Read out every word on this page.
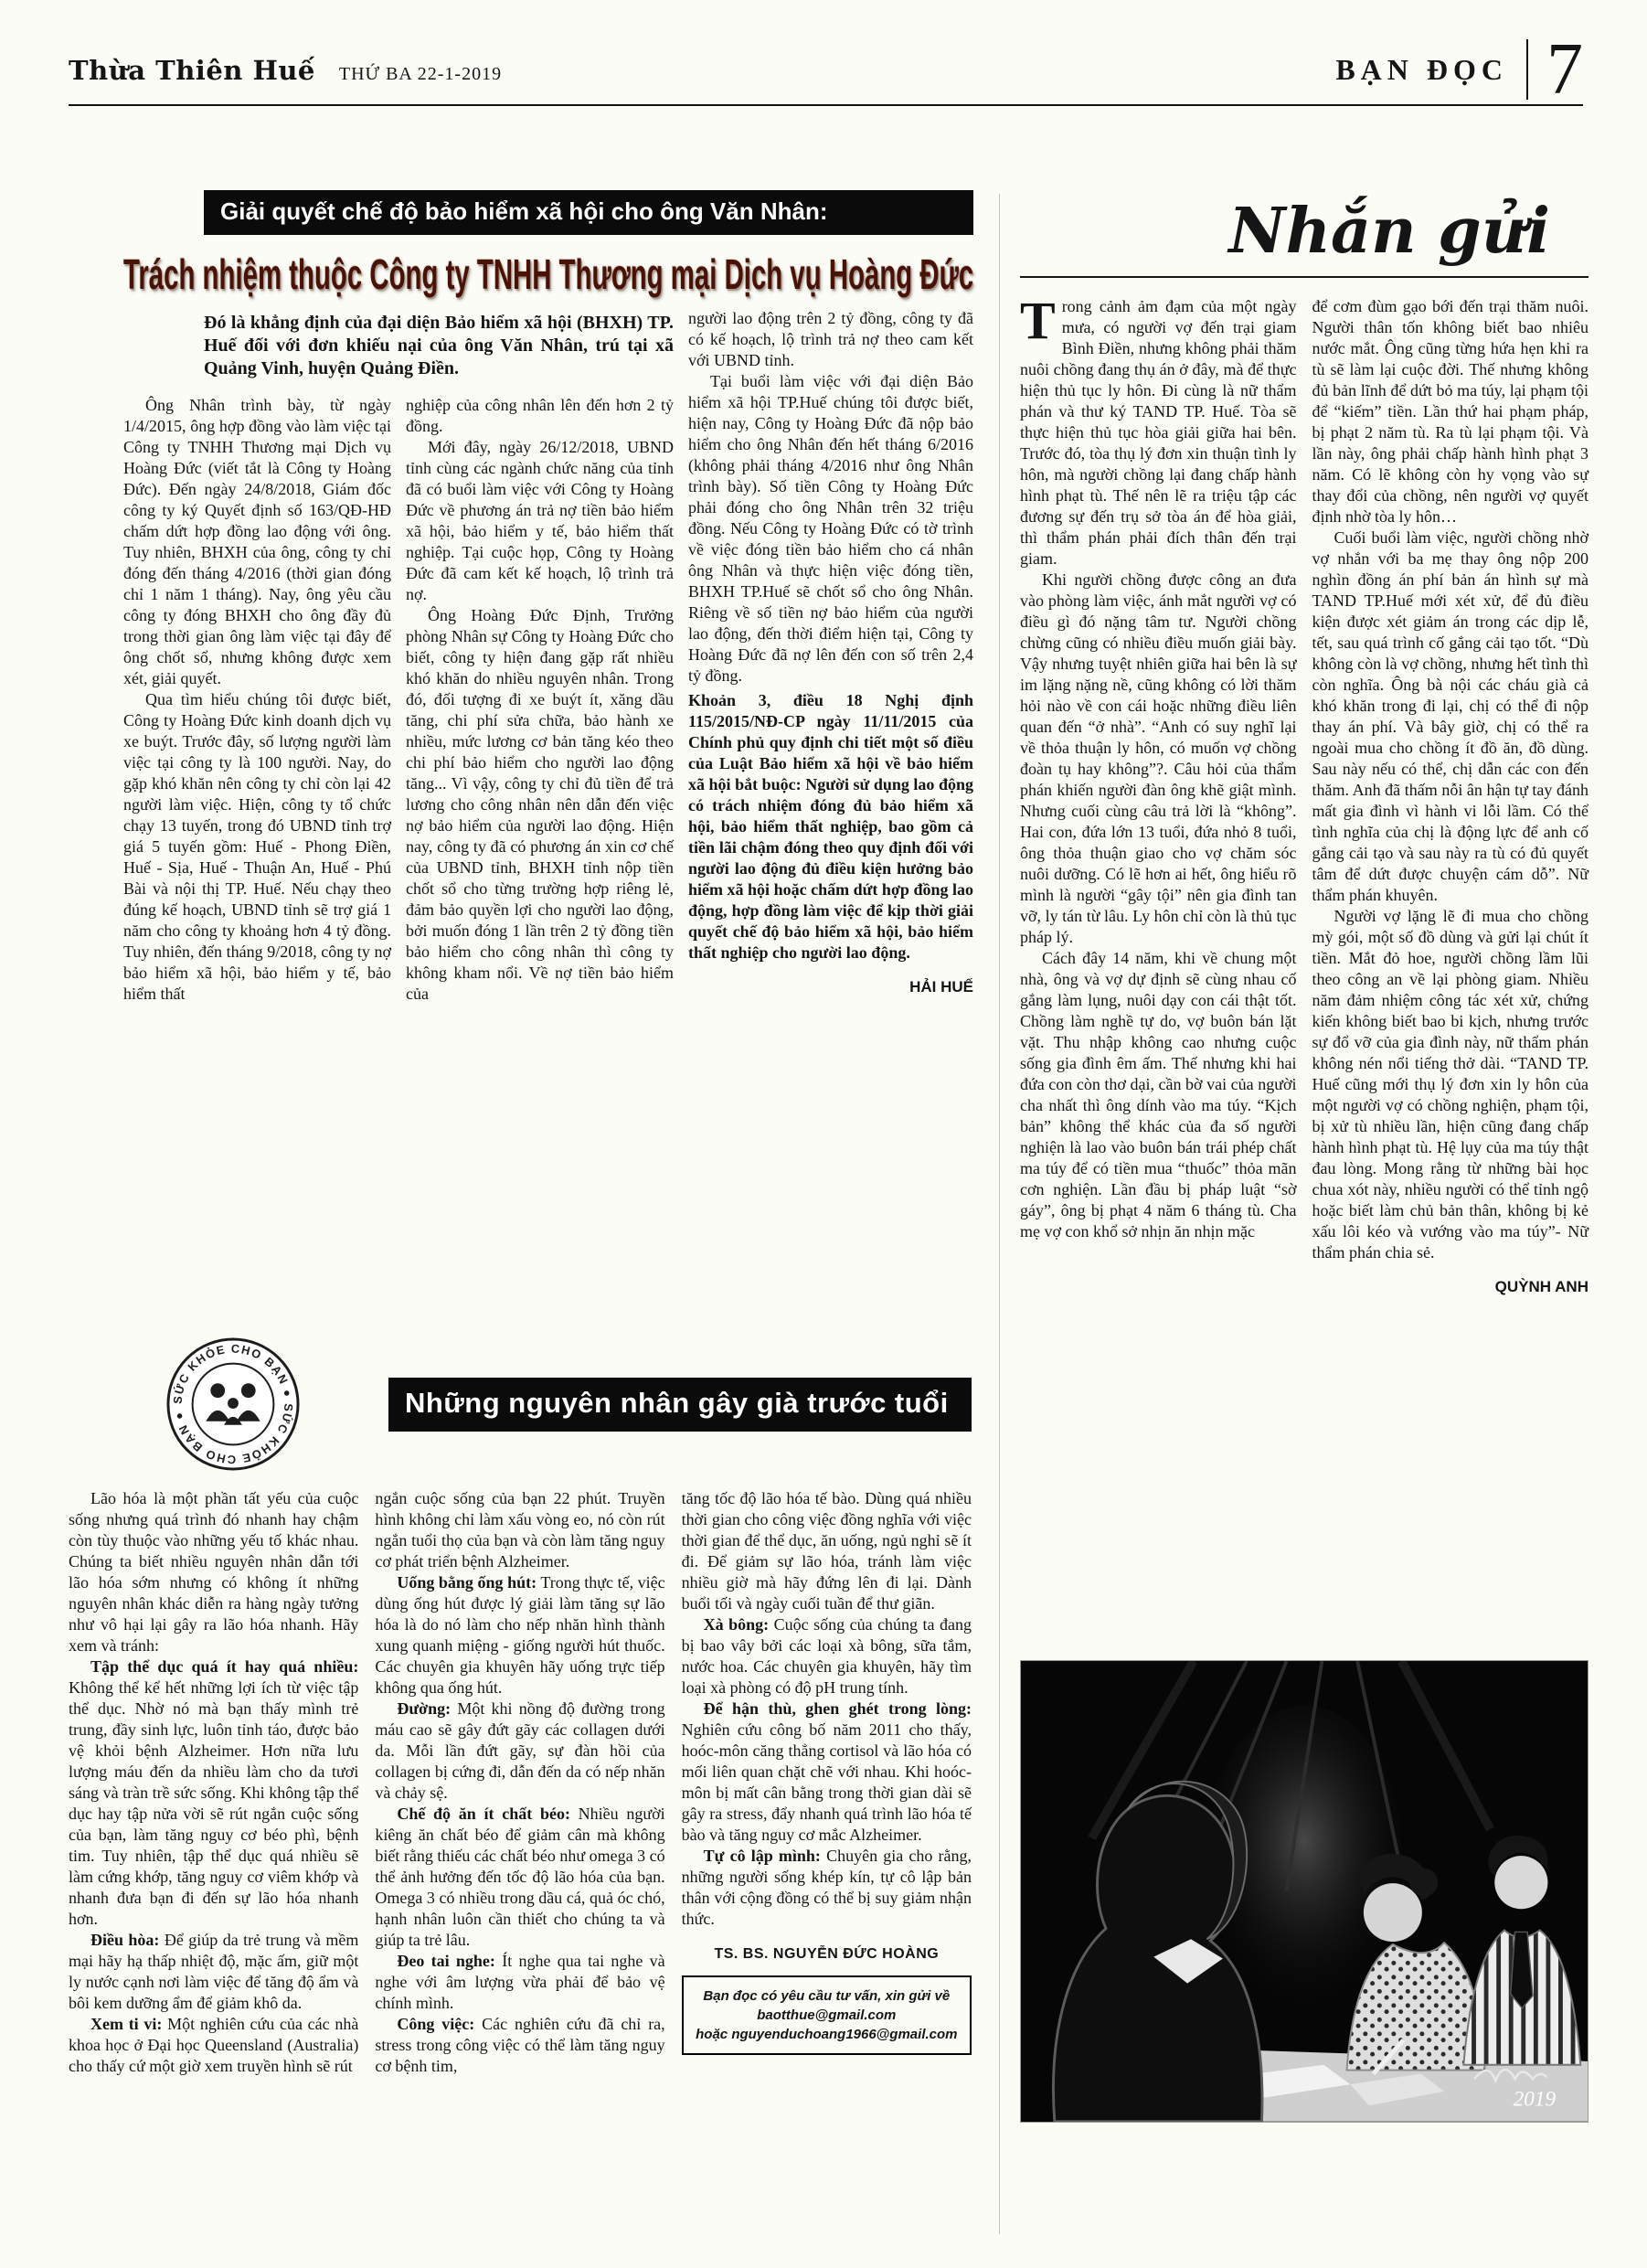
Thừa Thiên Huế THỨ BA 22-1-2019	BẠN ĐỌC 7
Giải quyết chế độ bảo hiểm xã hội cho ông Văn Nhân:
Trách nhiệm thuộc Công ty TNHH Thương mại Dịch vụ Hoàng Đức

Đó là khẳng định của đại diện Bảo hiểm xã hội (BHXH) TP. Huế đối với đơn khiếu nại của ông Văn Nhân, trú tại xã Quảng Vinh, huyện Quảng Điền.

Ông Nhân trình bày, từ ngày 1/4/2015, ông hợp đồng vào làm việc tại Công ty TNHH Thương mại Dịch vụ Hoàng Đức (viết tắt là Công ty Hoàng Đức). Đến ngày 24/8/2018, Giám đốc công ty ký Quyết định số 163/QĐ-HĐ chấm dứt hợp đồng lao động với ông. Tuy nhiên, BHXH của ông, công ty chỉ đóng đến tháng 4/2016 (thời gian đóng chỉ 1 năm 1 tháng). Nay, ông yêu cầu công ty đóng BHXH cho ông đầy đủ trong thời gian ông làm việc tại đây để ông chốt sổ, nhưng không được xem xét, giải quyết.

Qua tìm hiểu chúng tôi được biết, Công ty Hoàng Đức kinh doanh dịch vụ xe buýt. Trước đây, số lượng người làm việc tại công ty là 100 người. Nay, do gặp khó khăn nên công ty chỉ còn lại 42 người làm việc. Hiện, công ty tổ chức chạy 13 tuyến, trong đó UBND tỉnh trợ giá 5 tuyến gồm: Huế - Phong Điền, Huế - Sịa, Huế - Thuận An, Huế - Phú Bài và nội thị TP. Huế. Nếu chạy theo đúng kế hoạch, UBND tỉnh sẽ trợ giá 1 năm cho công ty khoảng hơn 4 tỷ đồng. Tuy nhiên, đến tháng 9/2018, công ty nợ bảo hiểm xã hội, bảo hiểm y tế, bảo hiểm thất

nghiệp của công nhân lên đến hơn 2 tỷ đồng.

Mới đây, ngày 26/12/2018, UBND tỉnh cùng các ngành chức năng của tỉnh đã có buổi làm việc với Công ty Hoàng Đức về phương án trả nợ tiền bảo hiểm xã hội, bảo hiểm y tế, bảo hiểm thất nghiệp. Tại cuộc họp, Công ty Hoàng Đức đã cam kết kế hoạch, lộ trình trả nợ.

Ông Hoàng Đức Định, Trưởng phòng Nhân sự Công ty Hoàng Đức cho biết, công ty hiện đang gặp rất nhiều khó khăn do nhiều nguyên nhân. Trong đó, đối tượng đi xe buýt ít, xăng dầu tăng, chi phí sửa chữa, bảo hành xe nhiều, mức lương cơ bản tăng kéo theo chi phí bảo hiểm cho người lao động tăng... Vì vậy, công ty chỉ đủ tiền để trả lương cho công nhân nên dẫn đến việc nợ bảo hiểm của người lao động. Hiện nay, công ty đã có phương án xin cơ chế của UBND tỉnh, BHXH tỉnh nộp tiền chốt sổ cho từng trường hợp riêng lẻ, đảm bảo quyền lợi cho người lao động, bởi muốn đóng 1 lần trên 2 tỷ đồng tiền bảo hiểm cho công nhân thì công ty không kham nổi. Về nợ tiền bảo hiểm của

người lao động trên 2 tỷ đồng, công ty đã có kế hoạch, lộ trình trả nợ theo cam kết với UBND tỉnh.

Tại buổi làm việc với đại diện Bảo hiểm xã hội TP.Huế chúng tôi được biết, hiện nay, Công ty Hoàng Đức đã nộp bảo hiểm cho ông Nhân đến hết tháng 6/2016 (không phải tháng 4/2016 như ông Nhân trình bày). Số tiền Công ty Hoàng Đức phải đóng cho ông Nhân trên 32 triệu đồng. Nếu Công ty Hoàng Đức có tờ trình về việc đóng tiền bảo hiểm cho cá nhân ông Nhân và thực hiện việc đóng tiền, BHXH TP.Huế sẽ chốt sổ cho ông Nhân. Riêng về số tiền nợ bảo hiểm của người lao động, đến thời điểm hiện tại, Công ty Hoàng Đức đã nợ lên đến con số trên 2,4 tỷ đồng.

Khoản 3, điều 18 Nghị định 115/2015/NĐ-CP ngày 11/11/2015 của Chính phủ quy định chi tiết một số điều của Luật Bảo hiểm xã hội về bảo hiểm xã hội bắt buộc: Người sử dụng lao động có trách nhiệm đóng đủ bảo hiểm xã hội, bảo hiểm thất nghiệp, bao gồm cả tiền lãi chậm đóng theo quy định đối với người lao động đủ điều kiện hưởng bảo hiểm xã hội hoặc chấm dứt hợp đồng lao động, hợp đồng làm việc để kịp thời giải quyết chế độ bảo hiểm xã hội, bảo hiểm thất nghiệp cho người lao động.

HẢI HUẾ

Nhắn gửi

Trong cảnh ảm đạm của một ngày mưa, có người vợ đến trại giam Bình Điền, nhưng không phải thăm nuôi chồng đang thụ án ở đây, mà để thực hiện thủ tục ly hôn. Đi cùng là nữ thẩm phán và thư ký TAND TP. Huế. Tòa sẽ thực hiện thủ tục hòa giải giữa hai bên. Trước đó, tòa thụ lý đơn xin thuận tình ly hôn, mà người chồng lại đang chấp hành hình phạt tù. Thế nên lẽ ra triệu tập các đương sự đến trụ sở tòa án để hòa giải, thì thẩm phán phải đích thân đến trại giam.

Khi người chồng được công an đưa vào phòng làm việc, ánh mắt người vợ có điều gì đó nặng tâm tư. Người chồng chừng cũng có nhiều điều muốn giải bày. Vậy nhưng tuyệt nhiên giữa hai bên là sự im lặng nặng nề, cũng không có lời thăm hỏi nào về con cái hoặc những điều liên quan đến “ở nhà”. “Anh có suy nghĩ lại về thỏa thuận ly hôn, có muốn vợ chồng đoàn tụ hay không”?. Câu hỏi của thẩm phán khiến người đàn ông khẽ giật mình. Nhưng cuối cùng câu trả lời là “không”. Hai con, đứa lớn 13 tuổi, đứa nhỏ 8 tuổi, ông thỏa thuận giao cho vợ chăm sóc nuôi dưỡng. Có lẽ hơn ai hết, ông hiểu rõ mình là người “gây tội” nên gia đình tan vỡ, ly tán từ lâu. Ly hôn chỉ còn là thủ tục pháp lý.

Cách đây 14 năm, khi về chung một nhà, ông và vợ dự định sẽ cùng nhau cố gắng làm lụng, nuôi dạy con cái thật tốt. Chồng làm nghề tự do, vợ buôn bán lặt vặt. Thu nhập không cao nhưng cuộc sống gia đình êm ấm. Thế nhưng khi hai đứa con còn thơ dại, cần bờ vai của người cha nhất thì ông dính vào ma túy. “Kịch bản” không thể khác của đa số người nghiện là lao vào buôn bán trái phép chất ma túy để có tiền mua “thuốc” thỏa mãn cơn nghiện. Lần đầu bị pháp luật “sờ gáy”, ông bị phạt 4 năm 6 tháng tù. Cha mẹ vợ con khổ sở nhịn ăn nhịn mặc

để cơm đùm gạo bới đến trại thăm nuôi. Người thân tốn không biết bao nhiêu nước mắt. Ông cũng từng hứa hẹn khi ra tù sẽ làm lại cuộc đời. Thế nhưng không đủ bản lĩnh để dứt bỏ ma túy, lại phạm tội để “kiếm” tiền. Lần thứ hai phạm pháp, bị phạt 2 năm tù. Ra tù lại phạm tội. Và lần này, ông phải chấp hành hình phạt 3 năm. Có lẽ không còn hy vọng vào sự thay đổi của chồng, nên người vợ quyết định nhờ tòa ly hôn…

Cuối buổi làm việc, người chồng nhờ vợ nhắn với ba mẹ thay ông nộp 200 nghìn đồng án phí bản án hình sự mà TAND TP.Huế mới xét xử, để đủ điều kiện được xét giảm án trong các dịp lễ, tết, sau quá trình cố gắng cải tạo tốt. “Dù không còn là vợ chồng, nhưng hết tình thì còn nghĩa. Ông bà nội các cháu già cả khó khăn trong đi lại, chị có thể đi nộp thay án phí. Và bây giờ, chị có thể ra ngoài mua cho chồng ít đồ ăn, đồ dùng. Sau này nếu có thể, chị dẫn các con đến thăm. Anh đã thấm nỗi ân hận tự tay đánh mất gia đình vì hành vi lỗi lầm. Có thể tình nghĩa của chị là động lực để anh cố gắng cải tạo và sau này ra tù có đủ quyết tâm để dứt được chuyện cám dỗ”. Nữ thẩm phán khuyên.

Người vợ lặng lẽ đi mua cho chồng mỳ gói, một số đồ dùng và gửi lại chút ít tiền. Mắt đỏ hoe, người chồng lầm lũi theo công an về lại phòng giam. Nhiều năm đảm nhiệm công tác xét xử, chứng kiến không biết bao bi kịch, nhưng trước sự đổ vỡ của gia đình này, nữ thẩm phán không nén nổi tiếng thở dài. “TAND TP. Huế cũng mới thụ lý đơn xin ly hôn của một người vợ có chồng nghiện, phạm tội, bị xử tù nhiều lần, hiện cũng đang chấp hành hình phạt tù. Hệ lụy của ma túy thật đau lòng. Mong rằng từ những bài học chua xót này, nhiều người có thể tỉnh ngộ hoặc biết làm chủ bản thân, không bị kẻ xấu lôi kéo và vướng vào ma túy”- Nữ thẩm phán chia sẻ.

QUỲNH ANH

2019
SỨC KHỎE CHO BẠN ● SỨC KHỎE CHO BẠN ●	Những nguyên nhân gây già trước tuổi

Lão hóa là một phần tất yếu của cuộc sống nhưng quá trình đó nhanh hay chậm còn tùy thuộc vào những yếu tố khác nhau. Chúng ta biết nhiều nguyên nhân dẫn tới lão hóa sớm nhưng có không ít những nguyên nhân khác diễn ra hàng ngày tưởng như vô hại lại gây ra lão hóa nhanh. Hãy xem và tránh:

Tập thể dục quá ít hay quá nhiều: Không thể kể hết những lợi ích từ việc tập thể dục. Nhờ nó mà bạn thấy mình trẻ trung, đầy sinh lực, luôn tỉnh táo, được bảo vệ khỏi bệnh Alzheimer. Hơn nữa lưu lượng máu đến da nhiều làm cho da tươi sáng và tràn trề sức sống. Khi không tập thể dục hay tập nửa vời sẽ rút ngắn cuộc sống của bạn, làm tăng nguy cơ béo phì, bệnh tim. Tuy nhiên, tập thể dục quá nhiều sẽ làm cứng khớp, tăng nguy cơ viêm khớp và nhanh đưa bạn đi đến sự lão hóa nhanh hơn.

Điều hòa: Để giúp da trẻ trung và mềm mại hãy hạ thấp nhiệt độ, mặc ấm, giữ một ly nước cạnh nơi làm việc để tăng độ ẩm và bôi kem dưỡng ẩm để giảm khô da.

Xem ti vi: Một nghiên cứu của các nhà khoa học ở Đại học Queensland (Australia) cho thấy cứ một giờ xem truyền hình sẽ rút

ngắn cuộc sống của bạn 22 phút. Truyền hình không chỉ làm xấu vòng eo, nó còn rút ngắn tuổi thọ của bạn và còn làm tăng nguy cơ phát triển bệnh Alzheimer.

Uống bằng ống hút: Trong thực tế, việc dùng ống hút được lý giải làm tăng sự lão hóa là do nó làm cho nếp nhăn hình thành xung quanh miệng - giống người hút thuốc. Các chuyên gia khuyên hãy uống trực tiếp không qua ống hút.

Đường: Một khi nồng độ đường trong máu cao sẽ gây đứt gãy các collagen dưới da. Mỗi lần đứt gãy, sự đàn hồi của collagen bị cứng đi, dẫn đến da có nếp nhăn và chảy sệ.

Chế độ ăn ít chất béo: Nhiều người kiêng ăn chất béo để giảm cân mà không biết rằng thiếu các chất béo như omega 3 có thể ảnh hưởng đến tốc độ lão hóa của bạn. Omega 3 có nhiều trong dầu cá, quả óc chó, hạnh nhân luôn cần thiết cho chúng ta và giúp ta trẻ lâu.

Đeo tai nghe: Ít nghe qua tai nghe và nghe với âm lượng vừa phải để bảo vệ chính mình.

Công việc: Các nghiên cứu đã chỉ ra, stress trong công việc có thể làm tăng nguy cơ bệnh tim,

tăng tốc độ lão hóa tế bào. Dùng quá nhiều thời gian cho công việc đồng nghĩa với việc thời gian để thể dục, ăn uống, ngủ nghỉ sẽ ít đi. Để giảm sự lão hóa, tránh làm việc nhiều giờ mà hãy đứng lên đi lại. Dành buổi tối và ngày cuối tuần để thư giãn.

Xà bông: Cuộc sống của chúng ta đang bị bao vây bởi các loại xà bông, sữa tắm, nước hoa. Các chuyên gia khuyên, hãy tìm loại xà phòng có độ pH trung tính.

Để hận thù, ghen ghét trong lòng: Nghiên cứu công bố năm 2011 cho thấy, hoóc-môn căng thẳng cortisol và lão hóa có mối liên quan chặt chẽ với nhau. Khi hoóc-môn bị mất cân bằng trong thời gian dài sẽ gây ra stress, đẩy nhanh quá trình lão hóa tế bào và tăng nguy cơ mắc Alzheimer.

Tự cô lập mình: Chuyên gia cho rằng, những người sống khép kín, tự cô lập bản thân với cộng đồng có thể bị suy giảm nhận thức.

TS. BS. NGUYỄN ĐỨC HOÀNG

Bạn đọc có yêu cầu tư vấn, xin gửi về
baotthue@gmail.com
hoặc nguyenduchoang1966@gmail.com
